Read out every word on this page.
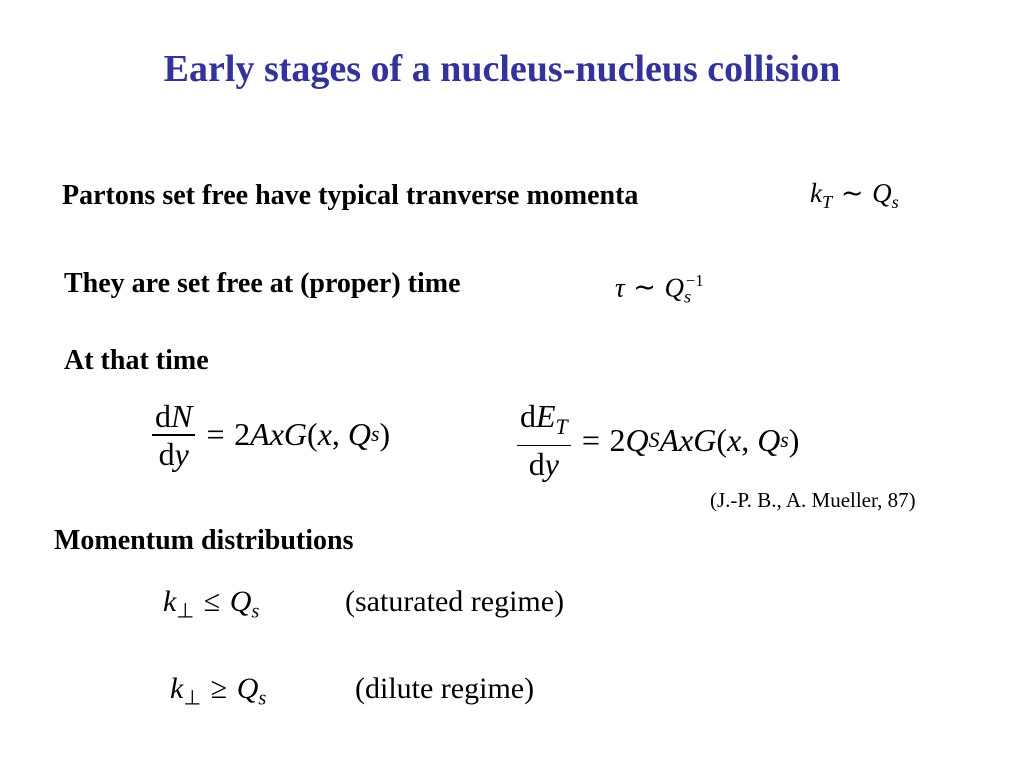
Early stages of a nucleus-nucleus collision
Partons set free have typical tranverse momenta	$k_T$ ∼ $Q_s$
They are set free at (proper) time	τ ∼ $Q_s^{-1}$
At that time
$\frac{dN}{dy} = 2$ AxG ( x , Q s )	$\frac{dE_T}{dy} = 2$ Q S AxG ( x , Q s )
(J.-P. B., A. Mueller, 87)
Momentum distributions
$k_\perp \le Q_s$	(saturated regime)
$k_\perp \ge Q_s$	(dilute regime)
